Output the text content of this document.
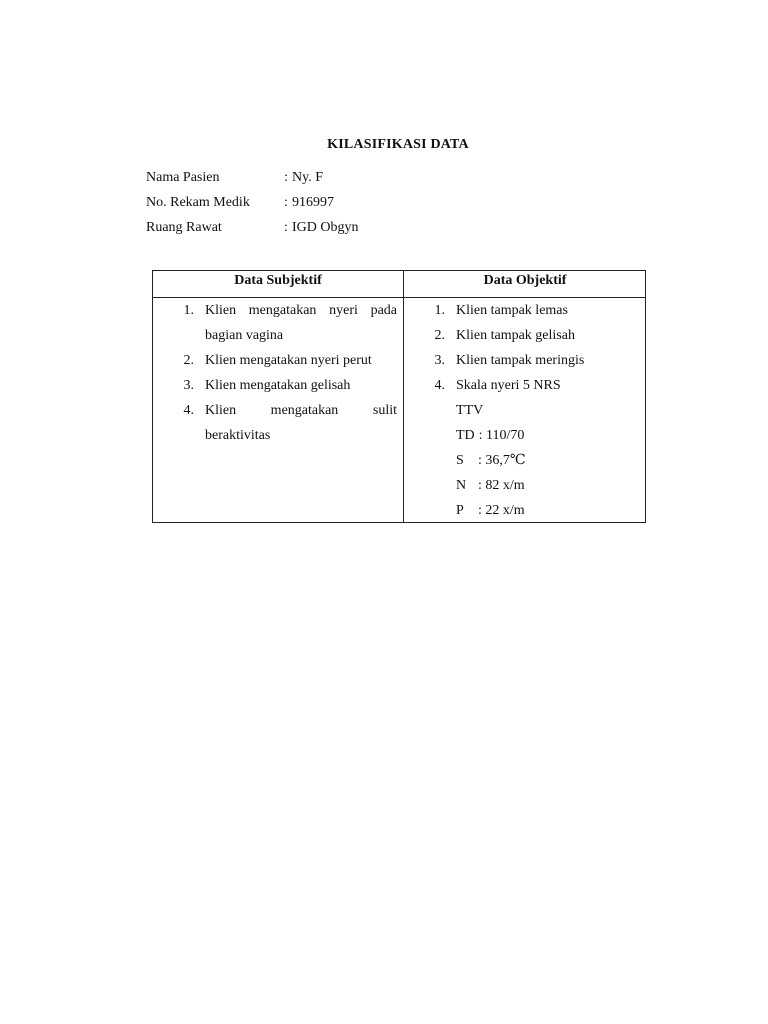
KILASIFIKASI DATA
Nama Pasien	: Ny. F
No. Rekam Medik	: 916997
Ruang Rawat	: IGD Obgyn
Data Subjektif	Data Objektif
1. Klien mengatakan nyeri pada
bagian vagina
2. Klien mengatakan nyeri perut
3. Klien mengatakan gelisah
4. Klien mengatakan sulit
beraktivitas
1. Klien tampak lemas
2. Klien tampak gelisah
3. Klien tampak meringis
4. Skala nyeri 5 NRS
TTV
TD : 110/70
S	: 36,7℃
N : 82 x/m
P	: 22 x/m
